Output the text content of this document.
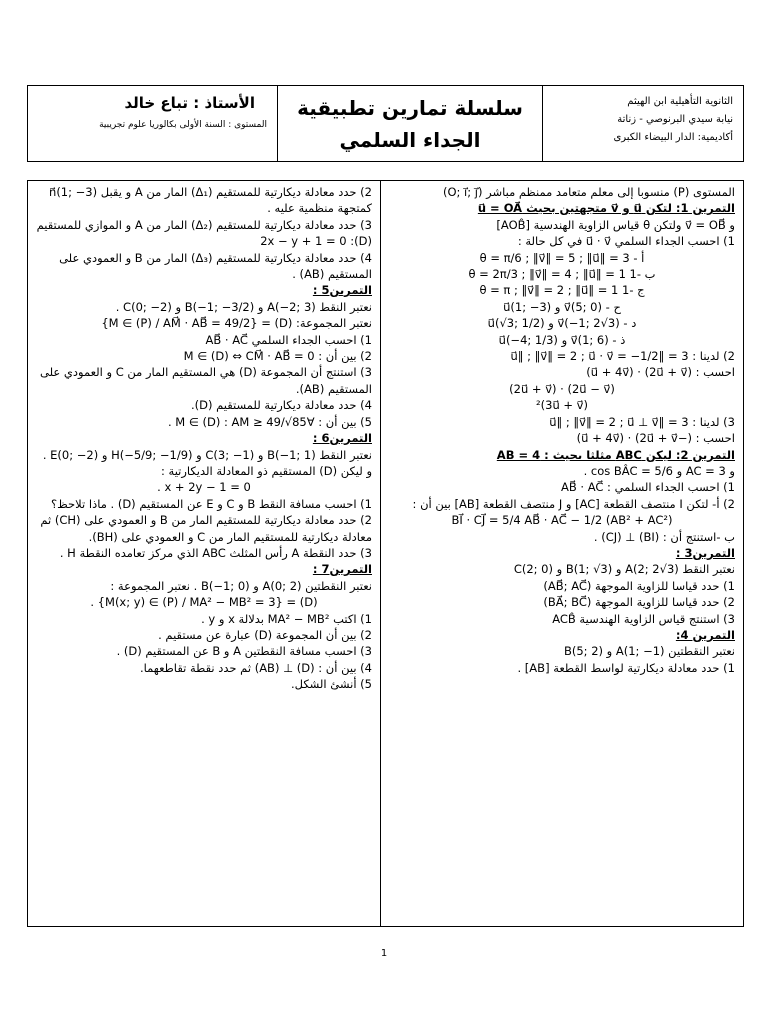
الأستاذ : تباع خالد
المستوى : السنة الأولى بكالوريا علوم تجريبية
سلسلة تمارين تطبيقية
الجداء السلمي
الثانوية التأهيلية ابن الهيثم
نيابة سيدي البرنوصي - زناتة
أكاديمية: الدار البيضاء الكبرى

2) حدد معادلة ديكارتية للمستقيم (Δ₁) المار من A و يقبل n⃗(1; −3) كمتجهة منظمية عليه .

3) حدد معادلة ديكارتية للمستقيم (Δ₂) المار من A و الموازي للمستقيم (D): 2x − y + 1 = 0

4) حدد معادلة ديكارتية للمستقيم (Δ₃) المار من B و العمودي على المستقيم (AB) .

التمرين5 :

نعتبر النقط A(−2; 3) و B(−1; −3/2) و C(0; −2) .

نعتبر المجموعة: (D) = {M ∈ (P) / AM⃗ · AB⃗ = 49/2}

1) احسب الجداء السلمي AB⃗ · AC⃗

2) بين أن : M ∈ (D) ⇔ CM⃗ · AB⃗ = 0

3) استنتج أن المجموعة (D) هي المستقيم المار من C و العمودي على المستقيم (AB).

4) حدد معادلة ديكارتية للمستقيم (D).

5) بين أن : ∀M ∈ (D) : AM ≥ 49/√85 .

التمرين6 :

نعتبر النقط B(−1; 1) و C(3; −1) و H(−5/9; −1/9) و E(0; −2) . و ليكن (D) المستقيم ذو المعادلة الديكارتية :

x + 2y − 1 = 0 .

1) احسب مسافة النقط B و C و E عن المستقيم (D) . ماذا تلاحظ؟

2) حدد معادلة ديكارتية للمستقيم المار من B و العمودي على (CH) ثم معادلة ديكارتية للمستقيم المار من C و العمودي على (BH).

3) حدد النقطة A رأس المثلث ABC الذي مركز تعامده النقطة H .

التمرين7 :

نعتبر النقطتين A(0; 2) و B(−1; 0) . نعتبر المجموعة :

(D) = {M(x; y) ∈ (P) / MA² − MB² = 3} .

1) اكتب MA² − MB² بدلالة x و y .

2) بين أن المجموعة (D) عبارة عن مستقيم .

3) احسب مسافة النقطتين A و B عن المستقيم (D) .

4) بين أن : (D) ⊥ (AB) ثم حدد نقطة تقاطعهما.

5) أنشئ الشكل.

المستوى (P) منسوبا إلى معلم متعامد ممنظم مباشر (O; i⃗; j⃗)

التمرين 1: لتكن u⃗ و v⃗ متجهتين بحيث u⃗ = OA⃗

و v⃗ = OB⃗ ولتكن θ قياس الزاوية الهندسية [AOB̂]

1) احسب الجداء السلمي u⃗ · v⃗ في كل حالة :

أ - θ = π/6 ; ‖v⃗‖ = 5 ; ‖u⃗‖ = 3

ب -1 θ = 2π/3 ; ‖v⃗‖ = 4 ; ‖u⃗‖ = 1

ج -1 θ = π ; ‖v⃗‖ = 2 ; ‖u⃗‖ = 1

ح - v⃗(5; 0) و u⃗(1; −3)

د - v⃗(−1; 2√3) و u⃗(√3; 1/2)

ذ - v⃗(1; 6) و u⃗(−4; 1/3)

2) لدينا : 3 = ‖u⃗‖ ; ‖v⃗‖ = 2 ; u⃗ · v⃗ = −1/2

احسب : (2u⃗ + v⃗) · (u⃗ + 4v⃗)

(2u⃗ − v⃗) · (2u⃗ + v⃗)

(3u⃗ + v⃗)²

3) لدينا : 3 = ‖u⃗‖ ; ‖v⃗‖ = 2 ; u⃗ ⊥ v⃗

احسب : (−2u⃗ + v⃗) · (u⃗ + 4v⃗)

التمرين 2: ليكن ABC مثلثا بحيث : AB = 4

و AC = 3 و cos BÂC = 5/6 .

1) احسب الجداء السلمي : AB⃗ · AC⃗

2) أ- لتكن I منتصف القطعة [AC] و J منتصف القطعة [AB] بين أن :

BI⃗ · CJ⃗ = 5/4 AB⃗ · AC⃗ − 1/2 (AB² + AC²)

ب -استنتج أن : (BI) ⊥ (CJ) .

التمرين3 :

نعتبر النقط A(2; 2√3) و B(1; √3) و C(2; 0)

1) حدد قياسا للزاوية الموجهة (AB⃗; AC⃗)

2) حدد قياسا للزاوية الموجهة (BA⃗; BC⃗)

3) استنتج قياس الزاوية الهندسية ACB̂

التمرين 4:

نعتبر النقطتين A(1; −1) و B(5; 2)

1) حدد معادلة ديكارتية لواسط القطعة [AB] .

1
